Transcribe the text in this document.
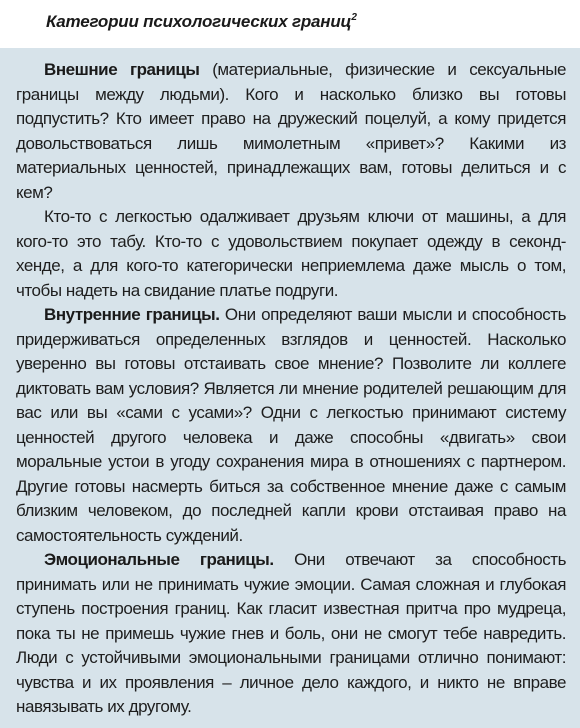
Категории психологических границ$^2$

Внешние границы (материальные, физические и сексуальные границы между людьми). Кого и насколько близко вы готовы подпустить? Кто имеет право на дружеский поцелуй, а кому придется довольствоваться лишь мимолетным «привет»? Какими из материальных ценностей, принадлежащих вам, готовы делиться и с кем?

Кто-то с легкостью одалживает друзьям ключи от машины, а для кого-то это табу. Кто-то с удовольствием покупает одежду в секонд-хенде, а для кого-то категорически неприемлема даже мысль о том, чтобы надеть на свидание платье подруги.

Внутренние границы. Они определяют ваши мысли и способность придерживаться определенных взглядов и ценностей. Насколько уверенно вы готовы отстаивать свое мнение? Позволите ли коллеге диктовать вам условия? Является ли мнение родителей решающим для вас или вы «сами с усами»? Одни с легкостью принимают систему ценностей другого человека и даже способны «двигать» свои моральные устои в угоду сохранения мира в отношениях с партнером. Другие готовы насмерть биться за собственное мнение даже с самым близким человеком, до последней капли крови отстаивая право на самостоятельность суждений.

Эмоциональные границы. Они отвечают за способность принимать или не принимать чужие эмоции. Самая сложная и глубокая ступень построения границ. Как гласит известная притча про мудреца, пока ты не примешь чужие гнев и боль, они не смогут тебе навредить. Люди с устойчивыми эмоциональными границами отлично понимают: чувства и их проявления – личное дело каждого, и никто не вправе навязывать их другому.
